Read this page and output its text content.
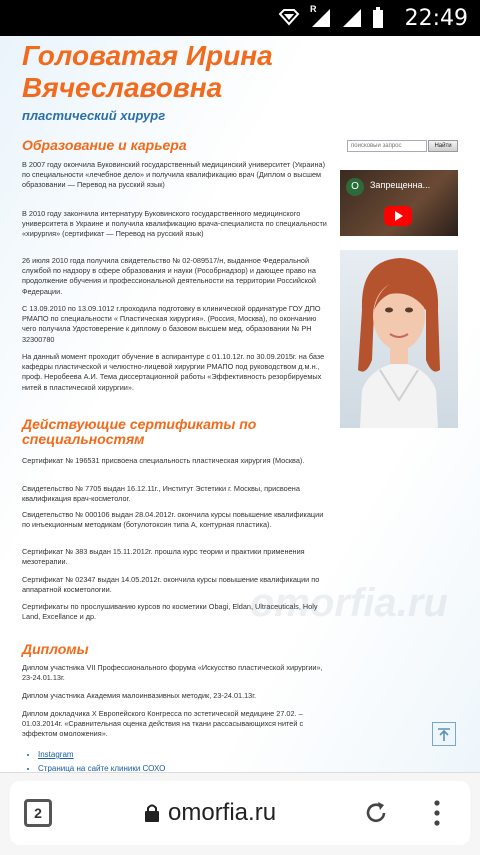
R	22:49
omorfia.ru
Головатая Ирина Вячеславовна
пластический хирург
поисковый запрос
Найти
О	Запрещенна...
Образование и карьера
В 2007 году окончила Буковинский государственный медицинский университет (Украина) по специальности «лечебное дело» и получила квалификацию врач (Диплом о высшем образовании — Перевод на русский язык)
В 2010 году закончила интернатуру Буковинского государственного медицинского университета в Украине и получила квалификацию врача-специалиста по специальности «хирургия» (сертификат — Перевод на русский язык)
26 июля 2010 года получила свидетельство № 02-089517/н, выданное Федеральной службой по надзору в сфере образования и науки (Рособрнадзор) и дающее право на продолжение обучения и профессиональной деятельности на территории Российской Федерации.
С 13.09.2010 по 13.09.1012 г.проходила подготовку в клинической ординатуре ГОУ ДПО РМАПО по специальности « Пластическая хирургия». (Россия, Москва), по окончанию чего получила Удостоверение к диплому о базовом высшем мед. образовании № РН 32300780
На данный момент проходит обучение в аспирантуре с 01.10.12г. по 30.09.2015г. на базе кафедры пластической и челюстно-лицевой хирургии РМАПО под руководством д.м.н., проф. Неробеева А.И. Тема диссертационной работы «Эффективность резорбируемых нитей в пластической хирургии».
Действующие сертификаты по специальностям
Сертификат № 196531 присвоена специальность пластическая хирургия (Москва).
Свидетельство № 7705 выдан 16.12.11г., Институт Эстетики г. Москвы, присвоена квалификация врач-косметолог.
Свидетельство № 000106 выдан 28.04.2012г. окончила курсы повышение квалификации по инъекционным методикам (ботулотоксин типа А, контурная пластика).
Сертификат № 383 выдан 15.11.2012г. прошла курс теории и практики применения мезотерапии.
Сертификат № 02347 выдан 14.05.2012г. окончила курсы повышение квалификации по аппаратной косметологии.
Сертификаты по прослушиванию курсов по косметики Obagi, Eldan, Ultraceuticals, Holy Land, Excellance и др.
Дипломы
Диплом участника VII Профессионального форума «Искусство пластической хирургии», 23-24.01.13г.
Диплом участника Академия малоинвазивных методик, 23-24.01.13г.
Диплом докладчика X Европейского Конгресса по эстетической медицине 27.02. – 01.03.2014г. «Сравнительная оценка действия на ткани рассасывающихся нитей с эффектом омоложения».
• Instagram
• Страница на сайте клиники СОХО
2	omorfia.ru
